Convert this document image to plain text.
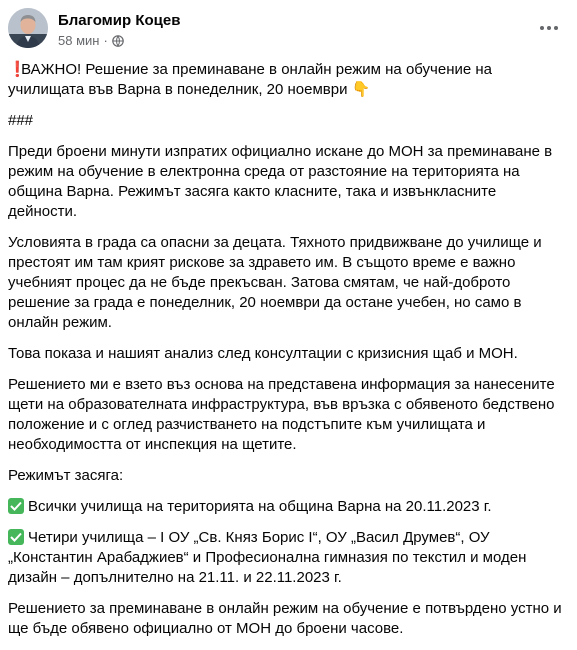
Благомир Коцев
58 мин ·

❗ ВАЖНО! Решение за преминаване в онлайн режим на обучение на училищата във Варна в понеделник, 20 ноември 👇

###

Преди броени минути изпратих официално искане до МОН за преминаване в режим на обучение в електронна среда от разстояние на територията на община Варна. Режимът засяга както класните, така и извънкласните дейности.

Условията в града са опасни за децата. Тяхното придвижване до училище и престоят им там крият рискове за здравето им. В същото време е важно учебният процес да не бъде прекъсван. Затова смятам, че най-доброто решение за града е понеделник, 20 ноември да остане учебен, но само в онлайн режим.

Това показа и нашият анализ след консултации с кризисния щаб и МОН.

Решението ми е взето въз основа на представена информация за нанесените щети на образователната инфраструктура, във връзка с обявеното бедствено положение и с оглед разчистването на подстъпите към училищата и необходимостта от инспекция на щетите.

Режимът засяга:

Всички училища на територията на община Варна на 20.11.2023 г.

Четири училища – I ОУ „Св. Княз Борис I“, ОУ „Васил Друмев“, ОУ „Константин Арабаджиев“ и Професионална гимназия по текстил и моден дизайн – допълнително на 21.11. и 22.11.2023 г.

Решението за преминаване в онлайн режим на обучение е потвърдено устно и ще бъде обявено официално от МОН до броени часове.
